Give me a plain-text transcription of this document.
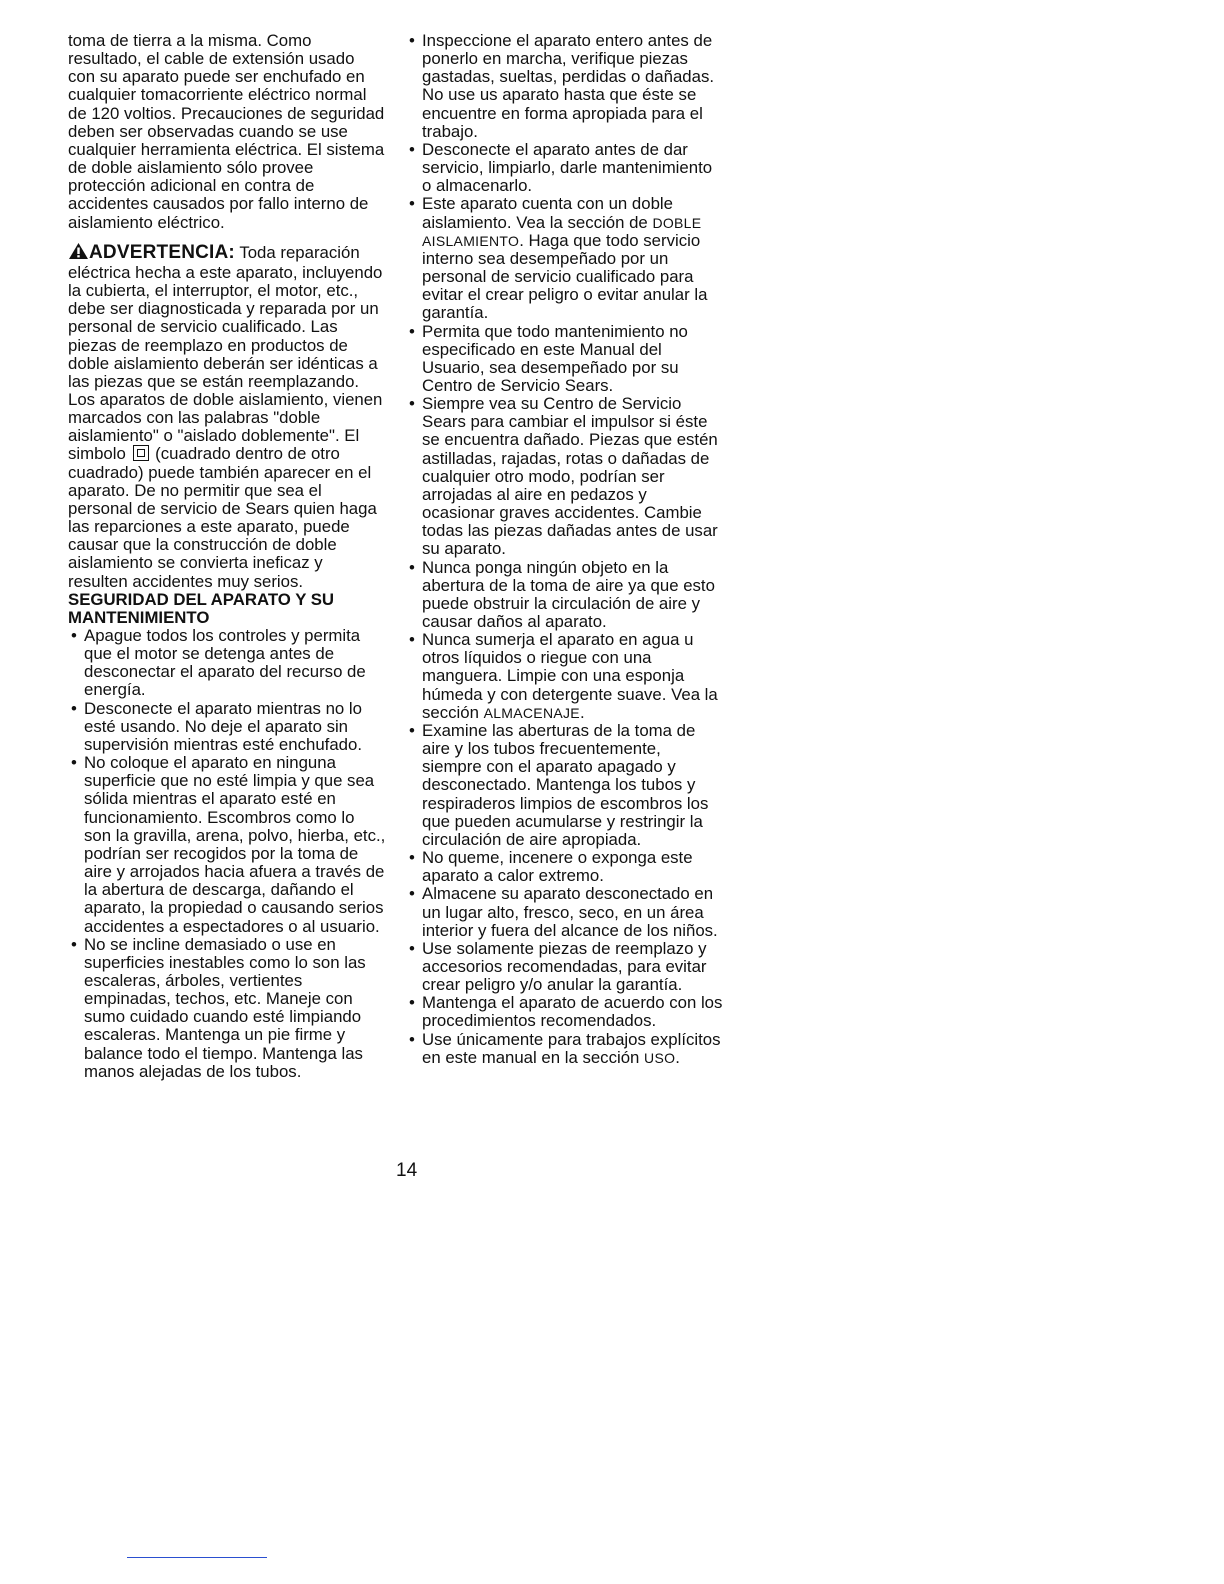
toma de tierra a la misma. Como resultado, el cable de extensión usado con su aparato puede ser enchufado en cualquier tomacorriente eléctrico normal de 120 voltios. Precauciones de seguridad deben ser observadas cuando se use cualquier herramienta eléctrica. El sistema de doble aislamiento sólo provee protección adicional en contra de accidentes causados por fallo interno de aislamiento eléctrico.

ADVERTENCIA: Toda reparación eléctrica hecha a este aparato, incluyendo la cubierta, el interruptor, el motor, etc., debe ser diagnosticada y reparada por un personal de servicio cualificado. Las piezas de reemplazo en productos de doble aislamiento deberán ser idénticas a las piezas que se están reemplazando. Los aparatos de doble aislamiento, vienen marcados con las palabras "doble aislamiento" o "aislado doblemente". El simbolo (cuadrado dentro de otro cuadrado) puede también aparecer en el aparato. De no permitir que sea el personal de servicio de Sears quien haga las reparciones a este aparato, puede causar que la construcción de doble aislamiento se convierta ineficaz y resulten accidentes muy serios.

SEGURIDAD DEL APARATO Y SU MANTENIMIENTO

• Apague todos los controles y permita que el motor se detenga antes de desconectar el aparato del recurso de energía.
• Desconecte el aparato mientras no lo esté usando. No deje el aparato sin supervisión mientras esté enchufado.
• No coloque el aparato en ninguna superficie que no esté limpia y que sea sólida mientras el aparato esté en funcionamiento. Escombros como lo son la gravilla, arena, polvo, hierba, etc., podrían ser recogidos por la toma de aire y arrojados hacia afuera a través de la abertura de descarga, dañando el aparato, la propiedad o causando serios accidentes a espectadores o al usuario.
• No se incline demasiado o use en superficies inestables como lo son las escaleras, árboles, vertientes empinadas, techos, etc. Maneje con sumo cuidado cuando esté limpiando escaleras. Mantenga un pie firme y balance todo el tiempo. Mantenga las manos alejadas de los tubos.
• Inspeccione el aparato entero antes de ponerlo en marcha, verifique piezas gastadas, sueltas, perdidas o dañadas. No use us aparato hasta que éste se encuentre en forma apropiada para el trabajo.
• Desconecte el aparato antes de dar servicio, limpiarlo, darle mantenimiento o almacenarlo.
• Este aparato cuenta con un doble aislamiento. Vea la sección de DOBLE AISLAMIENTO. Haga que todo servicio interno sea desempeñado por un personal de servicio cualificado para evitar el crear peligro o evitar anular la garantía.
• Permita que todo mantenimiento no especificado en este Manual del Usuario, sea desempeñado por su Centro de Servicio Sears.
• Siempre vea su Centro de Servicio Sears para cambiar el impulsor si éste se encuentra dañado. Piezas que estén astilladas, rajadas, rotas o dañadas de cualquier otro modo, podrían ser arrojadas al aire en pedazos y ocasionar graves accidentes. Cambie todas las piezas dañadas antes de usar su aparato.
• Nunca ponga ningún objeto en la abertura de la toma de aire ya que esto puede obstruir la circulación de aire y causar daños al aparato.
• Nunca sumerja el aparato en agua u otros líquidos o riegue con una manguera. Limpie con una esponja húmeda y con detergente suave. Vea la sección ALMACENAJE.
• Examine las aberturas de la toma de aire y los tubos frecuentemente, siempre con el aparato apagado y desconectado. Mantenga los tubos y respiraderos limpios de escombros los que pueden acumularse y restringir la circulación de aire apropiada.
• No queme, incenere o exponga este aparato a calor extremo.
• Almacene su aparato desconectado en un lugar alto, fresco, seco, en un área interior y fuera del alcance de los niños.
• Use solamente piezas de reemplazo y accesorios recomendadas, para evitar crear peligro y/o anular la garantía.
• Mantenga el aparato de acuerdo con los procedimientos recomendados.
• Use únicamente para trabajos explícitos en este manual en la sección USO.
14
